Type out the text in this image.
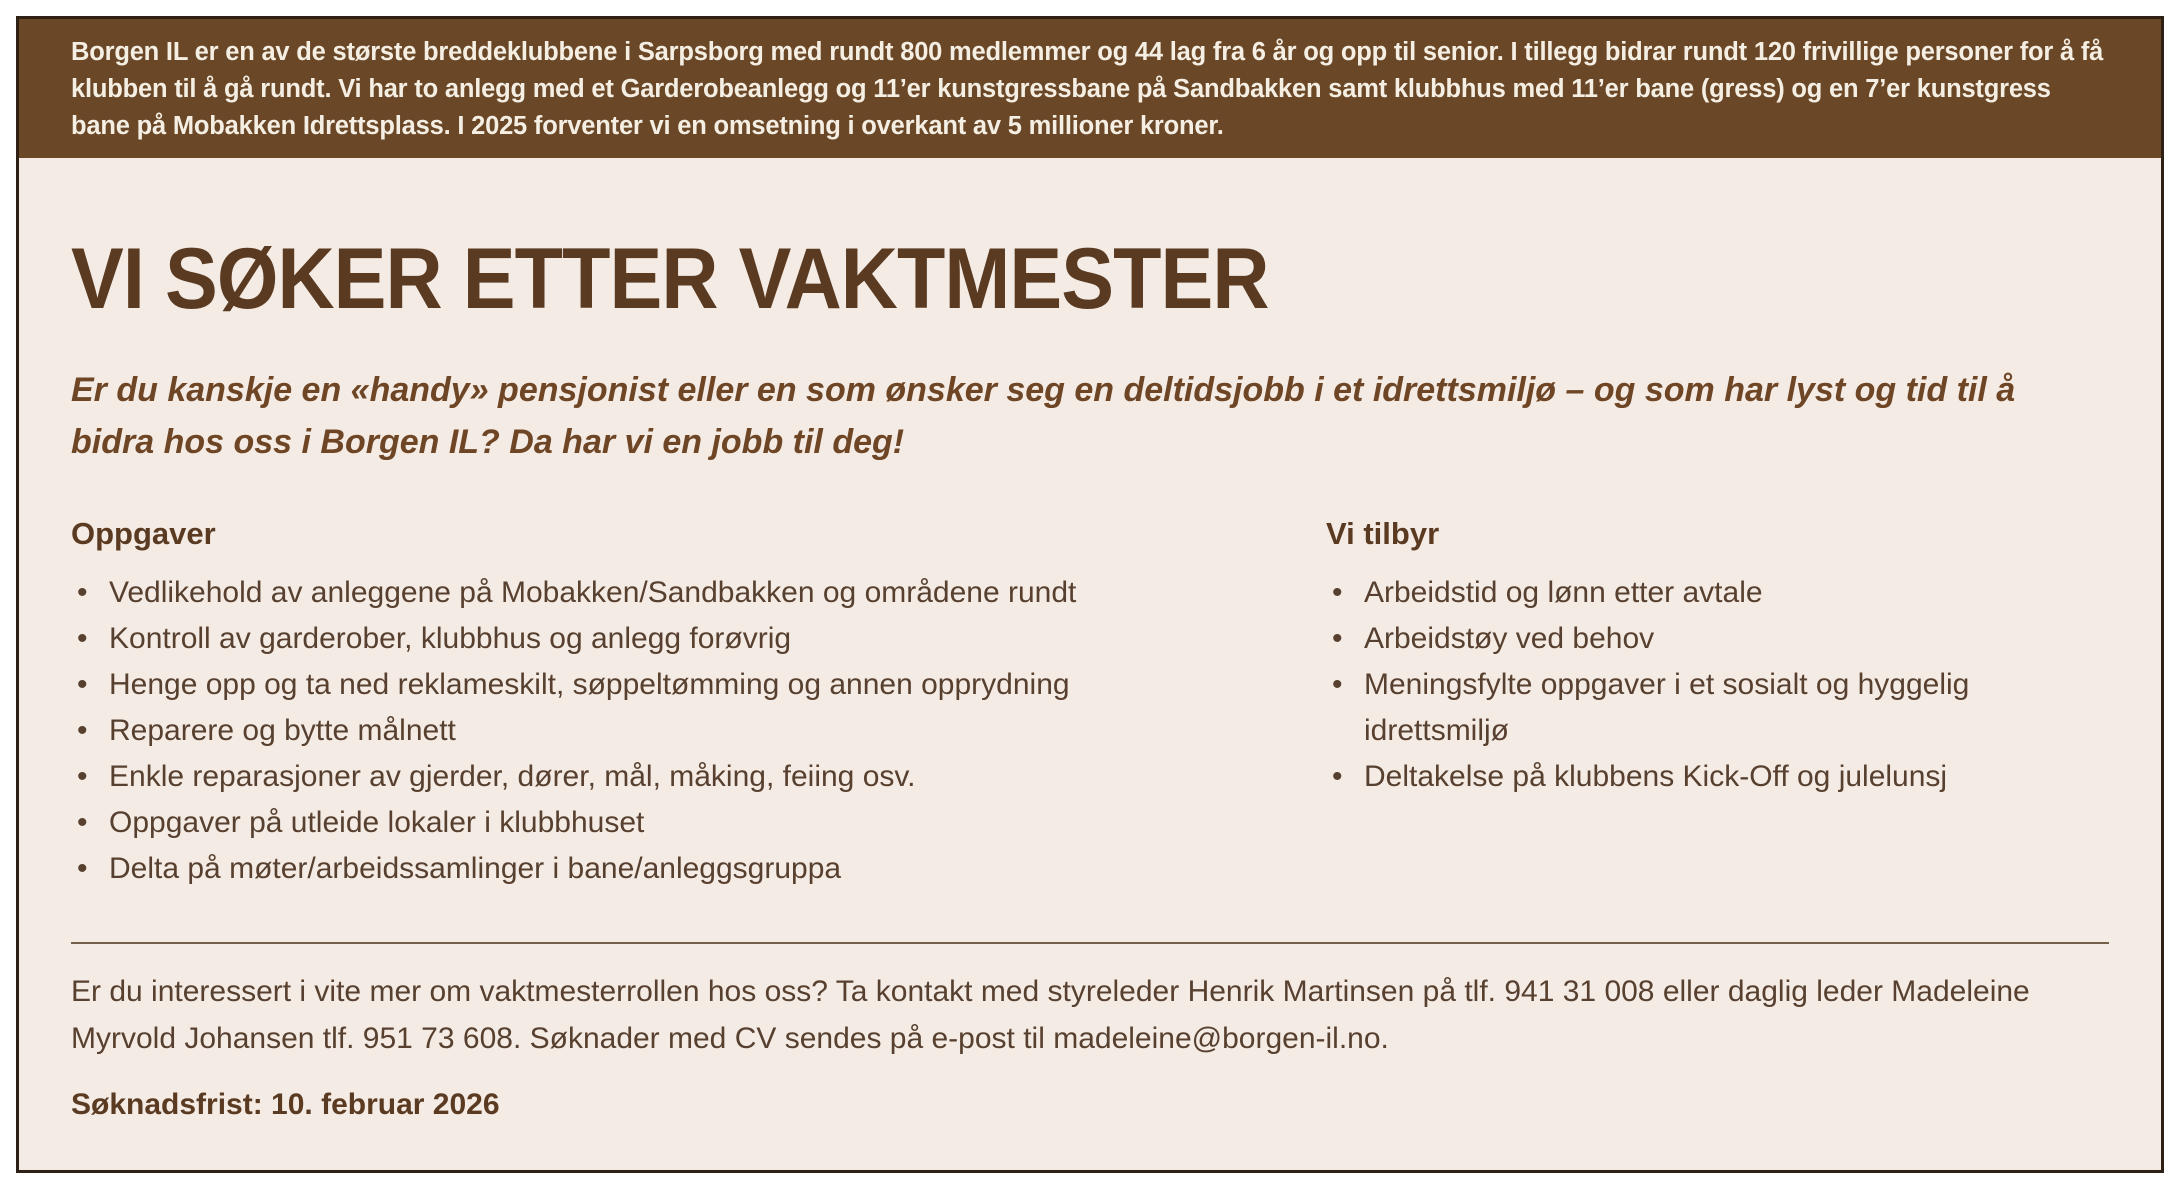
Borgen IL er en av de største breddeklubbene i Sarpsborg med rundt 800 medlemmer og 44 lag fra 6 år og opp til senior. I tillegg bidrar rundt 120 frivillige personer for å få klubben til å gå rundt. Vi har to anlegg med et Garderobeanlegg og 11’er kunstgressbane på Sandbakken samt klubbhus med 11’er bane (gress) og en 7’er kunstgress bane på Mobakken Idrettsplass. I 2025 forventer vi en omsetning i overkant av 5 millioner kroner.

VI SØKER ETTER VAKTMESTER

Er du kanskje en «handy» pensjonist eller en som ønsker seg en deltidsjobb i et idrettsmiljø – og som har lyst og tid til å bidra hos oss i Borgen IL? Da har vi en jobb til deg!

Oppgaver
• Vedlikehold av anleggene på Mobakken/Sandbakken og områdene rundt
• Kontroll av garderober, klubbhus og anlegg forøvrig
• Henge opp og ta ned reklameskilt, søppeltømming og annen opprydning
• Reparere og bytte målnett
• Enkle reparasjoner av gjerder, dører, mål, måking, feiing osv.
• Oppgaver på utleide lokaler i klubbhuset
• Delta på møter/arbeidssamlinger i bane/anleggsgruppa
Vi tilbyr
• Arbeidstid og lønn etter avtale
• Arbeidstøy ved behov
• Meningsfylte oppgaver i et sosialt og hyggelig idrettsmiljø
• Deltakelse på klubbens Kick-Off og julelunsj

Er du interessert i vite mer om vaktmesterrollen hos oss? Ta kontakt med styreleder Henrik Martinsen på tlf. 941 31 008 eller daglig leder Madeleine Myrvold Johansen tlf. 951 73 608. Søknader med CV sendes på e-post til madeleine@borgen-il.no.

Søknadsfrist: 10. februar 2026
